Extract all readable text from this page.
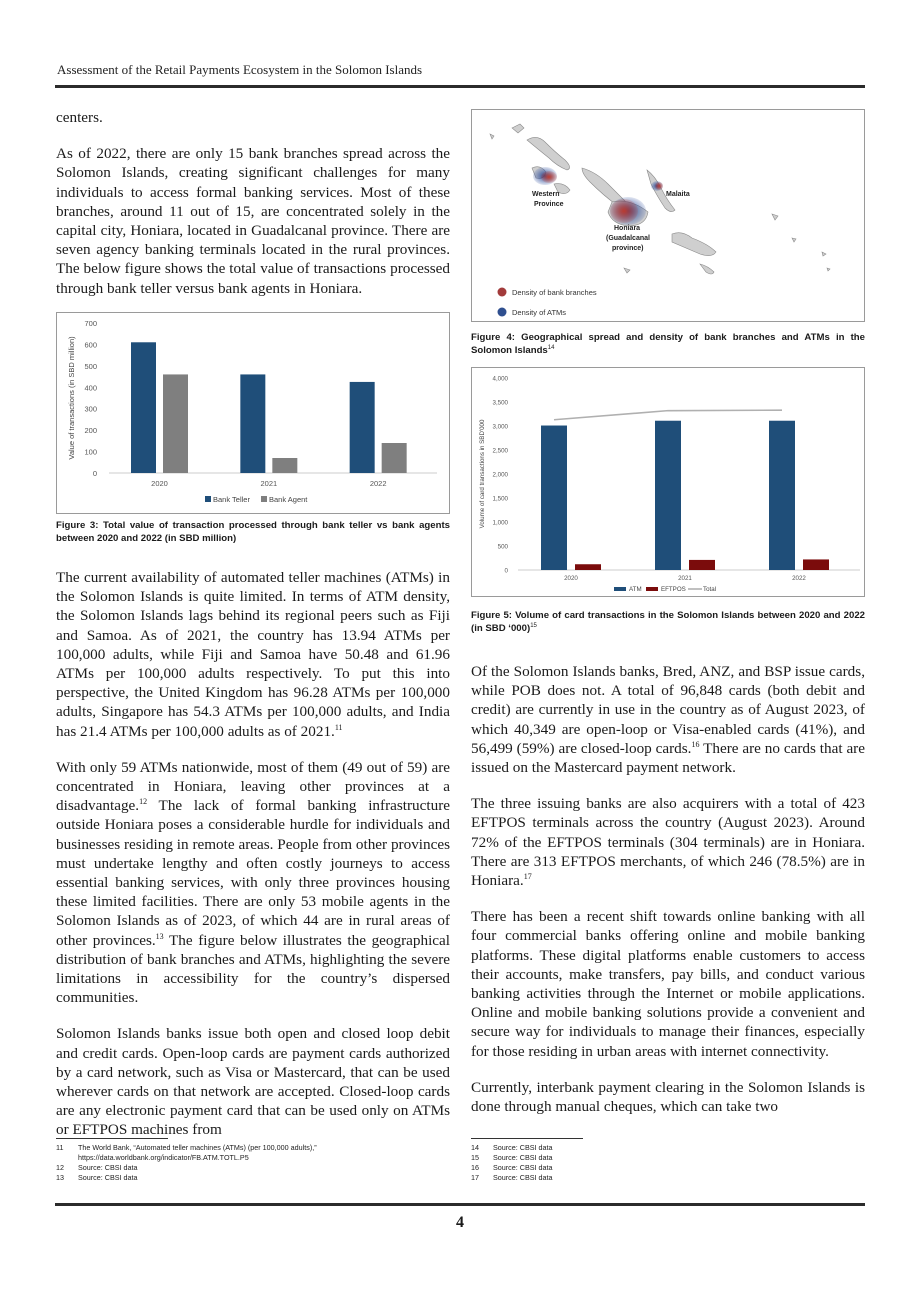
Assessment of the Retail Payments Ecosystem in the Solomon Islands

centers.

As of 2022, there are only 15 bank branches spread across the Solomon Islands, creating significant challenges for many individuals to access formal banking services. Most of these branches, around 11 out of 15, are concentrated solely in the capital city, Honiara, located in Guadalcanal province. There are seven agency banking terminals located in the rural provinces. The below figure shows the total value of transactions processed through bank teller versus bank agents in Honiara.

0
100
200
300
400
500
600
700
Value of transactions (in SBD million)
2020	2021	2022
Bank Teller	Bank Agent
Figure 3: Total value of transaction processed through bank teller vs bank agents between 2020 and 2022 (in SBD million)

The current availability of automated teller machines (ATMs) in the Solomon Islands is quite limited. In terms of ATM density, the Solomon Islands lags behind its regional peers such as Fiji and Samoa. As of 2021, the country has 13.94 ATMs per 100,000 adults, while Fiji and Samoa have 50.48 and 61.96 ATMs per 100,000 adults respectively. To put this into perspective, the United Kingdom has 96.28 ATMs per 100,000 adults, Singapore has 54.3 ATMs per 100,000 adults, and India has 21.4 ATMs per 100,000 adults as of 2021.11

With only 59 ATMs nationwide, most of them (49 out of 59) are concentrated in Honiara, leaving other provinces at a disadvantage.$^{12}$ The lack of formal banking infrastructure outside Honiara poses a considerable hurdle for individuals and businesses residing in remote areas. People from other provinces must undertake lengthy and often costly journeys to access essential banking services, with only three provinces housing these limited facilities. There are only 53 mobile agents in the Solomon Islands as of 2023, of which 44 are in rural areas of other provinces.$^{13}$ The figure below illustrates the geographical distribution of bank branches and ATMs, highlighting the severe limitations in accessibility for the country’s dispersed communities.

Solomon Islands banks issue both open and closed loop debit and credit cards. Open-loop cards are payment cards authorized by a card network, such as Visa or Mastercard, that can be used wherever cards on that network are accepted. Closed-loop cards are any electronic payment card that can be used only on ATMs or EFTPOS machines from

Western
Province
Malaita
Honiara
(Guadalcanal
province)
Density of bank branches
Density of ATMs
Figure 4: Geographical spread and density of bank branches and ATMs in the Solomon Islands$^{14}$
0
500
1,000
1,500
2,000
2,500
3,000
3,500
4,000
Volume of card transactions in SBD'000
2020	2021	2022
ATM	EFTPOS	Total
Figure 5: Volume of card transactions in the Solomon Islands between 2020 and 2022 (in SBD ‘000)$^{15}$

Of the Solomon Islands banks, Bred, ANZ, and BSP issue cards, while POB does not. A total of 96,848 cards (both debit and credit) are currently in use in the country as of August 2023, of which 40,349 are open-loop or Visa-enabled cards (41%), and 56,499 (59%) are closed-loop cards.$^{16}$ There are no cards that are issued on the Mastercard payment network.

The three issuing banks are also acquirers with a total of 423 EFTPOS terminals across the country (August 2023). Around 72% of the EFTPOS terminals (304 terminals) are in Honiara. There are 313 EFTPOS merchants, of which 246 (78.5%) are in Honiara.$^{17}$

There has been a recent shift towards online banking with all four commercial banks offering online and mobile banking platforms. These digital platforms enable customers to access their accounts, make transfers, pay bills, and conduct various banking activities through the Internet or mobile applications. Online and mobile banking solutions provide a convenient and secure way for individuals to manage their finances, especially for those residing in urban areas with internet connectivity.

Currently, interbank payment clearing in the Solomon Islands is done through manual cheques, which can take two

11	The World Bank, “Automated teller machines (ATMs) (per 100,000 adults),” https://data.worldbank.org/indicator/FB.ATM.TOTL.P5
12	Source: CBSI data
13	Source: CBSI data
14	Source: CBSI data
15	Source: CBSI data
16	Source: CBSI data
17	Source: CBSI data
4
